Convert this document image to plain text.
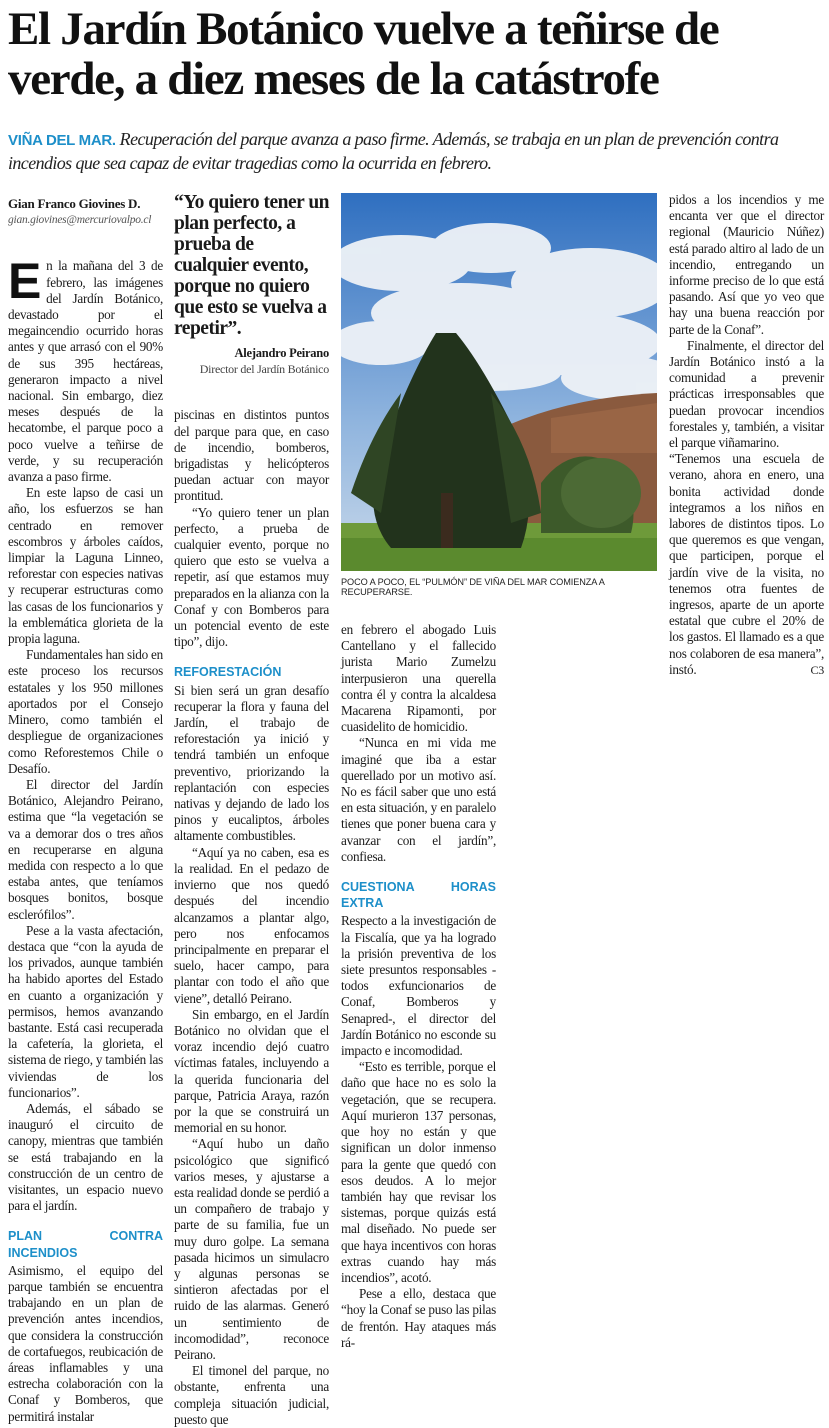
El Jardín Botánico vuelve a teñirse de
verde, a diez meses de la catástrofe
VIÑA DEL MAR. Recuperación del parque avanza a paso firme. Además, se trabaja en un plan de prevención contra incendios que sea capaz de evitar tragedias como la ocurrida en febrero.
Gian Franco Giovines D.
gian.giovines@mercuriovalpo.cl

En la mañana del 3 de febrero, las imágenes del Jardín Botánico, devastado por el megaincendio ocurrido horas antes y que arrasó con el 90% de sus 395 hectáreas, generaron impacto a nivel nacional. Sin embargo, diez meses después de la hecatombe, el parque poco a poco vuelve a teñirse de verde, y su recuperación avanza a paso firme.

En este lapso de casi un año, los esfuerzos se han centrado en remover escombros y árboles caídos, limpiar la Laguna Linneo, reforestar con especies nativas y recuperar estructuras como las casas de los funcionarios y la emblemática glorieta de la propia laguna.

Fundamentales han sido en este proceso los recursos estatales y los 950 millones aportados por el Consejo Minero, como también el despliegue de organizaciones como Reforestemos Chile o Desafío.

El director del Jardín Botánico, Alejandro Peirano, estima que “la vegetación se va a demorar dos o tres años en recuperarse en alguna medida con respecto a lo que estaba antes, que teníamos bosques bonitos, bosque esclerófilos”.

Pese a la vasta afectación, destaca que “con la ayuda de los privados, aunque también ha habido aportes del Estado en cuanto a organización y permisos, hemos avanzando bastante. Está casi recuperada la cafetería, la glorieta, el sistema de riego, y también las viviendas de los funcionarios”.

Además, el sábado se inauguró el circuito de canopy, mientras que también se está trabajando en la construcción de un centro de visitantes, un espacio nuevo para el jardín.

PLAN CONTRA INCENDIOS

Asimismo, el equipo del parque también se encuentra trabajando en un plan de prevención antes incendios, que considera la construcción de cortafuegos, reubicación de áreas inflamables y una estrecha colaboración con la Conaf y Bomberos, que permitirá instalar

“Yo quiero tener un plan perfecto, a prueba de cualquier evento, porque no quiero que esto se vuelva a repetir”.
Alejandro Peirano
Director del Jardín Botánico

piscinas en distintos puntos del parque para que, en caso de incendio, bomberos, brigadistas y helicópteros puedan actuar con mayor prontitud.

“Yo quiero tener un plan perfecto, a prueba de cualquier evento, porque no quiero que esto se vuelva a repetir, así que estamos muy preparados en la alianza con la Conaf y con Bomberos para un potencial evento de este tipo”, dijo.

REFORESTACIÓN

Si bien será un gran desafío recuperar la flora y fauna del Jardín, el trabajo de reforestación ya inició y tendrá también un enfoque preventivo, priorizando la replantación con especies nativas y dejando de lado los pinos y eucaliptos, árboles altamente combustibles.

“Aquí ya no caben, esa es la realidad. En el pedazo de invierno que nos quedó después del incendio alcanzamos a plantar algo, pero nos enfocamos principalmente en preparar el suelo, hacer campo, para plantar con todo el año que viene”, detalló Peirano.

Sin embargo, en el Jardín Botánico no olvidan que el voraz incendio dejó cuatro víctimas fatales, incluyendo a la querida funcionaria del parque, Patricia Araya, razón por la que se construirá un memorial en su honor.

“Aquí hubo un daño psicológico que significó varios meses, y ajustarse a esta realidad donde se perdió a un compañero de trabajo y parte de su familia, fue un muy duro golpe. La semana pasada hicimos un simulacro y algunas personas se sintieron afectadas por el ruido de las alarmas. Generó un sentimiento de incomodidad”, reconoce Peirano.

El timonel del parque, no obstante, enfrenta una compleja situación judicial, puesto que

POCO A POCO, EL “PULMÓN” DE VIÑA DEL MAR COMIENZA A RECUPERARSE.

en febrero el abogado Luis Cantellano y el fallecido jurista Mario Zumelzu interpusieron una querella contra él y contra la alcaldesa Macarena Ripamonti, por cuasidelito de homicidio.

“Nunca en mi vida me imaginé que iba a estar querellado por un motivo así. No es fácil saber que uno está en esta situación, y en paralelo tienes que poner buena cara y avanzar con el jardín”, confiesa.

CUESTIONA HORAS EXTRA

Respecto a la investigación de la Fiscalía, que ya ha logrado la prisión preventiva de los siete presuntos responsables -todos exfuncionarios de Conaf, Bomberos y Senapred-, el director del Jardín Botánico no esconde su impacto e incomodidad.

“Esto es terrible, porque el daño que hace no es solo la vegetación, que se recupera. Aquí murieron 137 personas, que hoy no están y que significan un dolor inmenso para la gente que quedó con esos deudos. A lo mejor también hay que revisar los sistemas, porque quizás está mal diseñado. No puede ser que haya incentivos con horas extras cuando hay más incendios”, acotó.

Pese a ello, destaca que “hoy la Conaf se puso las pilas de frentón. Hay ataques más rá-

pidos a los incendios y me encanta ver que el director regional (Mauricio Núñez) está parado altiro al lado de un incendio, entregando un informe preciso de lo que está pasando. Así que yo veo que hay una buena reacción por parte de la Conaf”.

Finalmente, el director del Jardín Botánico instó a la comunidad a prevenir prácticas irresponsables que puedan provocar incendios forestales y, también, a visitar el parque viñamarino.

“Tenemos una escuela de verano, ahora en enero, una bonita actividad donde integramos a los niños en labores de distintos tipos. Lo que queremos es que vengan, que participen, porque el jardín vive de la visita, no tenemos otra fuentes de ingresos, aparte de un aporte estatal que cubre el 20% de los gastos. El llamado es a que nos colaboren de esa manera”, instó.	C3
